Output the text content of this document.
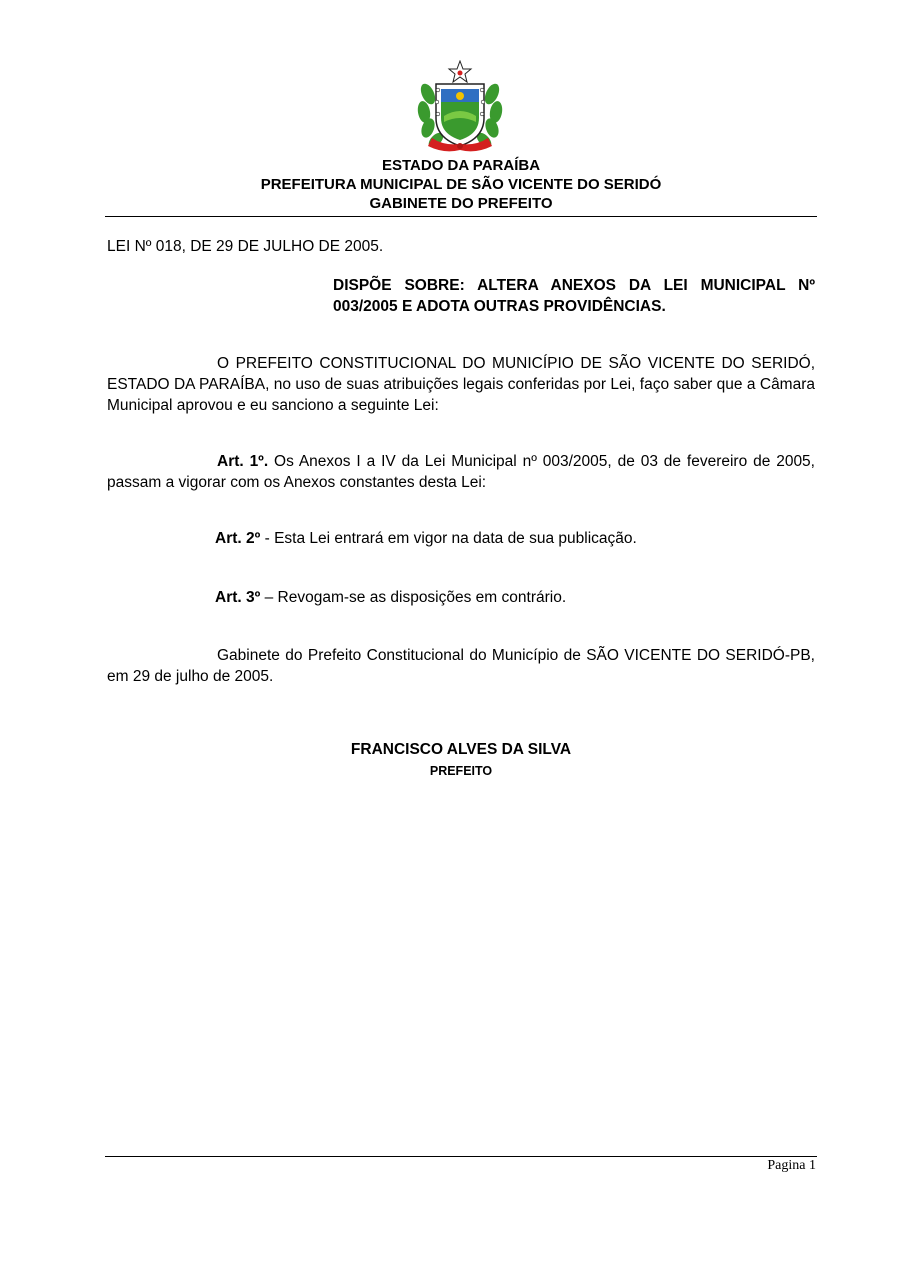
ESTADO DA PARAÍBA
PREFEITURA MUNICIPAL DE SÃO VICENTE DO SERIDÓ
GABINETE DO PREFEITO
LEI Nº 018, DE 29 DE JULHO DE 2005.
DISPÕE SOBRE: ALTERA ANEXOS DA LEI MUNICIPAL Nº 003/2005 E ADOTA OUTRAS PROVIDÊNCIAS.
O PREFEITO CONSTITUCIONAL DO MUNICÍPIO DE SÃO VICENTE DO SERIDÓ, ESTADO DA PARAÍBA, no uso de suas atribuições legais conferidas por Lei, faço saber que a Câmara Municipal aprovou e eu sanciono a seguinte Lei:
Art. 1º. Os Anexos I a IV da Lei Municipal nº 003/2005, de 03 de fevereiro de 2005, passam a vigorar com os Anexos constantes desta Lei:
Art. 2º - Esta Lei entrará em vigor na data de sua publicação.
Art. 3º – Revogam-se as disposições em contrário.
Gabinete do Prefeito Constitucional do Município de SÃO VICENTE DO SERIDÓ-PB, em 29 de julho de 2005.
FRANCISCO ALVES DA SILVA
PREFEITO
Pagina 1
